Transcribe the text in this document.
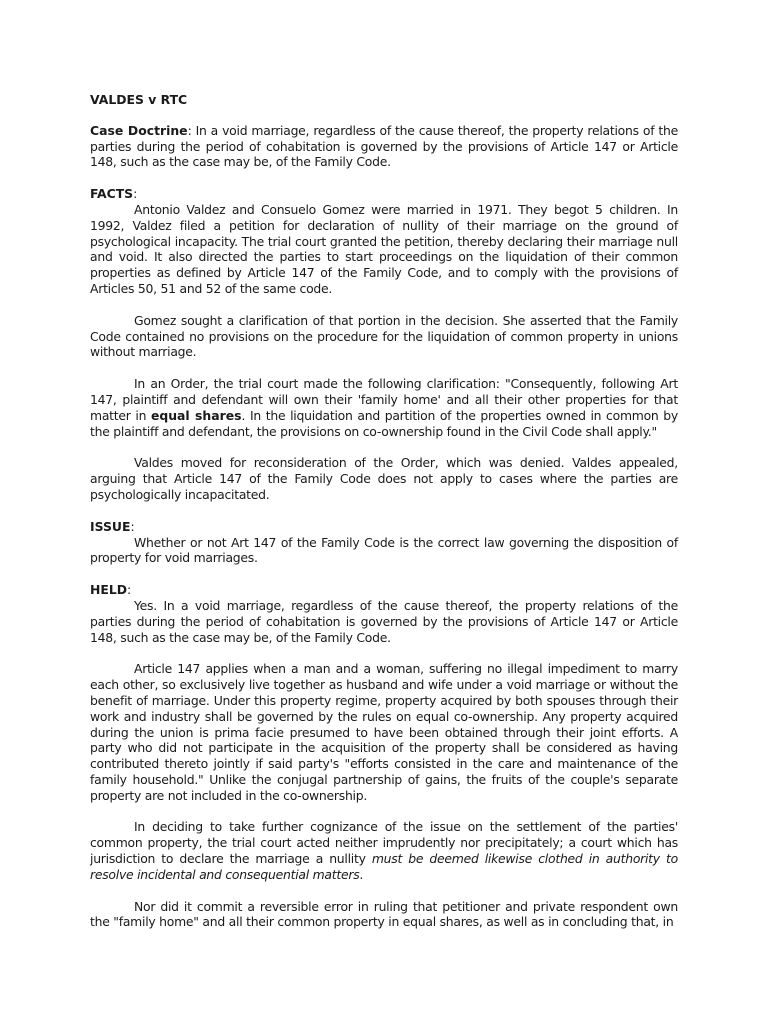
VALDES v RTC
Case Doctrine: In a void marriage, regardless of the cause thereof, the property relations of the parties during the period of cohabitation is governed by the provisions of Article 147 or Article 148, such as the case may be, of the Family Code.
FACTS:
Antonio Valdez and Consuelo Gomez were married in 1971. They begot 5 children. In 1992, Valdez filed a petition for declaration of nullity of their marriage on the ground of psychological incapacity. The trial court granted the petition, thereby declaring their marriage null and void. It also directed the parties to start proceedings on the liquidation of their common properties as defined by Article 147 of the Family Code, and to comply with the provisions of Articles 50, 51 and 52 of the same code.
Gomez sought a clarification of that portion in the decision. She asserted that the Family Code contained no provisions on the procedure for the liquidation of common property in unions without marriage.
In an Order, the trial court made the following clarification: "Consequently, following Art 147, plaintiff and defendant will own their 'family home' and all their other properties for that matter in equal shares. In the liquidation and partition of the properties owned in common by the plaintiff and defendant, the provisions on co-ownership found in the Civil Code shall apply."
Valdes moved for reconsideration of the Order, which was denied. Valdes appealed, arguing that Article 147 of the Family Code does not apply to cases where the parties are psychologically incapacitated.
ISSUE:
Whether or not Art 147 of the Family Code is the correct law governing the disposition of property for void marriages.
HELD:
Yes. In a void marriage, regardless of the cause thereof, the property relations of the parties during the period of cohabitation is governed by the provisions of Article 147 or Article 148, such as the case may be, of the Family Code.
Article 147 applies when a man and a woman, suffering no illegal impediment to marry each other, so exclusively live together as husband and wife under a void marriage or without the benefit of marriage. Under this property regime, property acquired by both spouses through their work and industry shall be governed by the rules on equal co-ownership. Any property acquired during the union is prima facie presumed to have been obtained through their joint efforts. A party who did not participate in the acquisition of the property shall be considered as having contributed thereto jointly if said party's "efforts consisted in the care and maintenance of the family household." Unlike the conjugal partnership of gains, the fruits of the couple's separate property are not included in the co-ownership.
In deciding to take further cognizance of the issue on the settlement of the parties' common property, the trial court acted neither imprudently nor precipitately; a court which has jurisdiction to declare the marriage a nullity must be deemed likewise clothed in authority to resolve incidental and consequential matters.
Nor did it commit a reversible error in ruling that petitioner and private respondent own the "family home" and all their common property in equal shares, as well as in concluding that, in
